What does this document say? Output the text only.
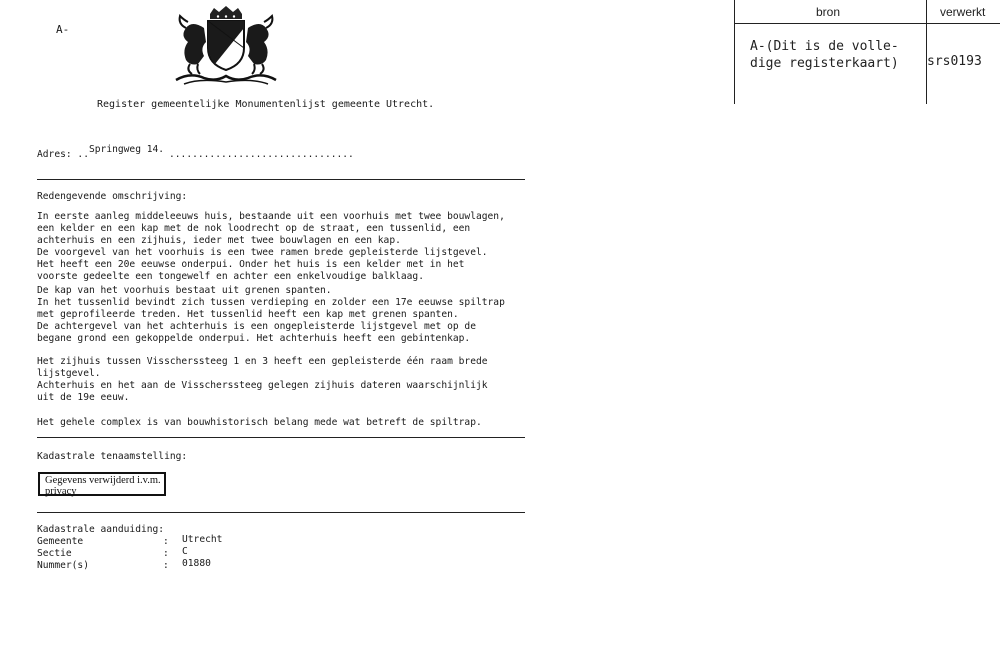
A-
Register gemeentelijke Monumentenlijst gemeente Utrecht.
bron	verwerkt
A-(Dit is de volle-
dige registerkaart) srs0193
Adres: .. Springweg 14. ................................
Redengevende omschrijving:
In eerste aanleg middeleeuws huis, bestaande uit een voorhuis met twee bouwlagen,
een kelder en een kap met de nok loodrecht op de straat, een tussenlid, een
achterhuis en een zijhuis, ieder met twee bouwlagen en een kap.
De voorgevel van het voorhuis is een twee ramen brede gepleisterde lijstgevel.
Het heeft een 20e eeuwse onderpui. Onder het huis is een kelder met in het
voorste gedeelte een tongewelf en achter een enkelvoudige balklaag.
De kap van het voorhuis bestaat uit grenen spanten.
In het tussenlid bevindt zich tussen verdieping en zolder een 17e eeuwse spiltrap
met geprofileerde treden. Het tussenlid heeft een kap met grenen spanten.
De achtergevel van het achterhuis is een ongepleisterde lijstgevel met op de
begane grond een gekoppelde onderpui. Het achterhuis heeft een gebintenkap.
Het zijhuis tussen Visscherssteeg 1 en 3 heeft een gepleisterde één raam brede
lijstgevel.
Achterhuis en het aan de Visscherssteeg gelegen zijhuis dateren waarschijnlijk
uit de 19e eeuw.
Het gehele complex is van bouwhistorisch belang mede wat betreft de spiltrap.
Kadastrale tenaamstelling:
Gegevens verwijderd i.v.m.
privacy
Kadastrale aanduiding:
Gemeente	: Utrecht
Sectie	: C
Nummer(s)	: 01880
